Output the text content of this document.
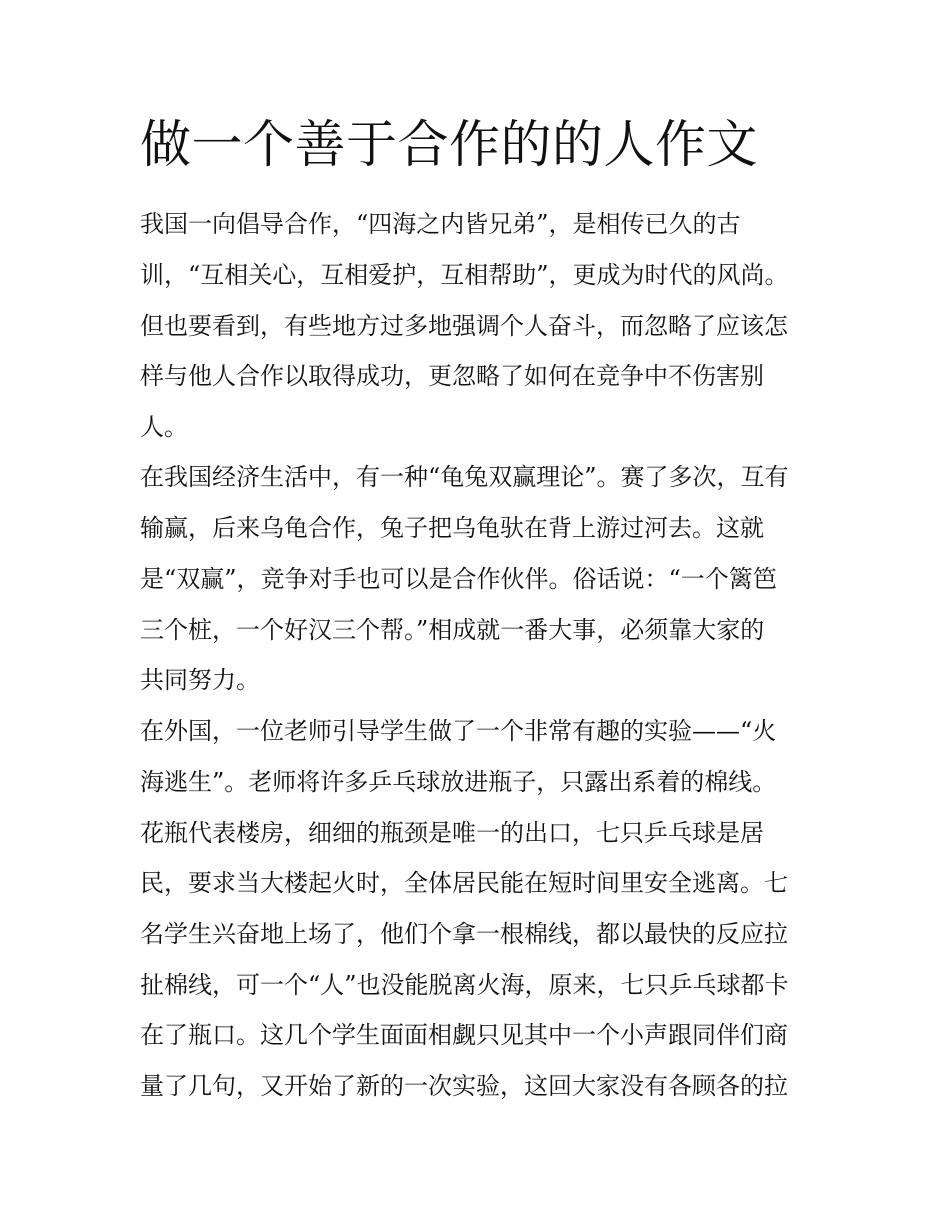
做一个善于合作的的人作文

我国一向倡导合作，“四海之内皆兄弟”，是相传已久的古

训，“互相关心，互相爱护，互相帮助”，更成为时代的风尚。

但也要看到，有些地方过多地强调个人奋斗，而忽略了应该怎

样与他人合作以取得成功，更忽略了如何在竞争中不伤害别

人。

在我国经济生活中，有一种“龟兔双赢理论”。赛了多次，互有

输赢，后来乌龟合作，兔子把乌龟驮在背上游过河去。这就

是“双赢”，竞争对手也可以是合作伙伴。俗话说：“一个篱笆

三个桩，一个好汉三个帮。”相成就一番大事，必须靠大家的

共同努力。

在外国，一位老师引导学生做了一个非常有趣的实验——“火

海逃生”。老师将许多乒乓球放进瓶子，只露出系着的棉线。

花瓶代表楼房，细细的瓶颈是唯一的出口，七只乒乓球是居

民，要求当大楼起火时，全体居民能在短时间里安全逃离。七

名学生兴奋地上场了，他们个拿一根棉线，都以最快的反应拉

扯棉线，可一个“人”也没能脱离火海，原来，七只乒乓球都卡

在了瓶口。这几个学生面面相觑只见其中一个小声跟同伴们商

量了几句，又开始了新的一次实验，这回大家没有各顾各的拉
